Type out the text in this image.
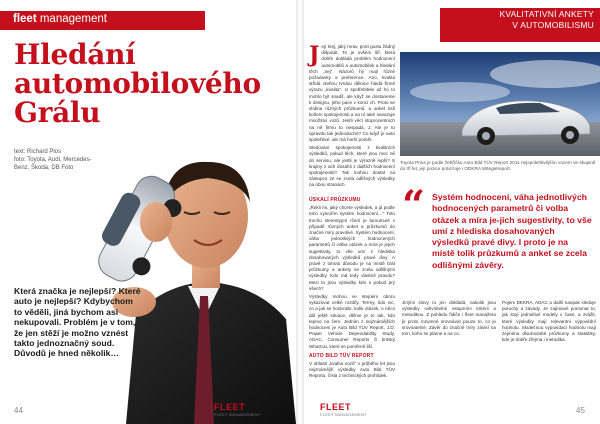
fleet management
Hledání
automobilového
Grálu
text: Richard Plos
foto: Toyota, Audi, Mercedes-Benz, Škoda, DB Foto
Která značka je nejlepší? Které auto je nejlepší? Kdybychom to věděli, jiná bychom asi nekupovali. Problém je v tom, že jen stěží je možno vznést takto jednoznačný soud. Důvodů je hned několik…
44	FLEET
FLEET MANAGEMENT
J ejí krej, jaký mrav, proti gustu žádný dišputát. To je ovšem šíř, která dobře dokládá problém hodnocení automobilů a automobilek a hledání těch „nej“. Názorů hý mají různé požadavky a preference. Ano, kvalita střídá vteřinu tvrdou dělnice hledá firmě výrazu „kvalita“. U spotřebitele až ho to mohlo být snadš, ale když se dostaneme k designu, jeho pace v konci ch. Proto se vlídina různých průzkumů, a anket tisíl košem spokojenosti a na ní také navazuje množství vozů. Jestli věcí stoprocentních na ně firmu to nespadá, J. Ale je to opravdu tak jednoduché? Co když je auto spolehlivé, ale má horší poměr.

Sledování spokojenosti z kvalitních výsledků, pokud těch, které jsou moc ně do servisu, ale jestli je výrazně lepší? S krajiny z ach dosáhli z dalších hodnocení spokojenosti? Tak mohou dostat na zástupce ze se zcela odlišných výsledky na obou stranách.

ÚSKALÍ PRŮZKUMU

„Řekli mi, jaký chcete výsledek, a já podle toho vytvořím systém hodnocení…“ Toto trochu stereotypní rčení je tumutnuté v případě různých anket a průzkumů do značné míry pravdivé. Systém hodnocení, váha jednotlivých hodnocených parametrů či volba otázek a míra je jejich sugestivity, to vše umí z hlediska dosahovaných výsledků pravé divy. A pravě z tohoto důvodu je na místě brát průzkumy a ankety se zcela odlišnými výsledky. Kdo má tedy vlastně pravdu? Mezi to jsou výsledky kdo s pokud prý všech?

Výsledky mohou ve stejném oboru vykazovat velké rozdíly. Termy, kdo nic, co a jak se hodnotilo, kolik otázek, o něco dál ještě situace, dělme je to tak, kdo teprve na čem. Jedním z nejznámějších hodnocení je Auto Bild TÜV Report, J.D. Power Vehicle Dependability Study, ADAC, Consumer Reports či britský WhatCar, které se poměrně liší.

AUTO BILD TÜV REPORT

V oblasti „kvalita vozů“ v průběhu let jsou nejznámější výsledky Auto Bild TÜV Reportu, čísla z technických prohlídek.

KVALITATIVNÍ ANKETY
V AUTOMOBILISMU
Toyota Prius je podle žebříčku Auto Bild TÜV Report 2011 nejspolehlivějším vozem ve skupině do tří let, její pozice potvrzuje i ODKRA Mängelreport.
“ Systém hodnocení, váha jednotlivých hodnocených parametrů či volba otázek a míra je-jich sugestivity, to vše umí z hlediska dosahovaných výsledků pravé divy. I proto je na místě tolik průzkumů a anket se zcela odlišnými závěry.

Jinými slovy to jen dokládá, nakolik jsou výsledky ovlivnitelné vstupními kritérii a metodikou. Z pohledu řidiče i fleet manažera je proto rozumné srovnávat pouze to, co je srovnatelné. Závěr do značné míry závisí na tom, koho se ptáme a na co.

Pojem DEKRA, ADAC a další naopak sleduje poruchy a závady. Je zajímavé porovnat to, jak stojí jednotlivé modely v čase, a zvážit, které výsledky mají relevantní výpovědní hodnotu. Skutečnou vypovídací hodnotu mají zejména dlouhodobé průzkumy a statistiky, kde je dobře zřejmá i metodika.

FLEET
FLEET MANAGEMENT	45
